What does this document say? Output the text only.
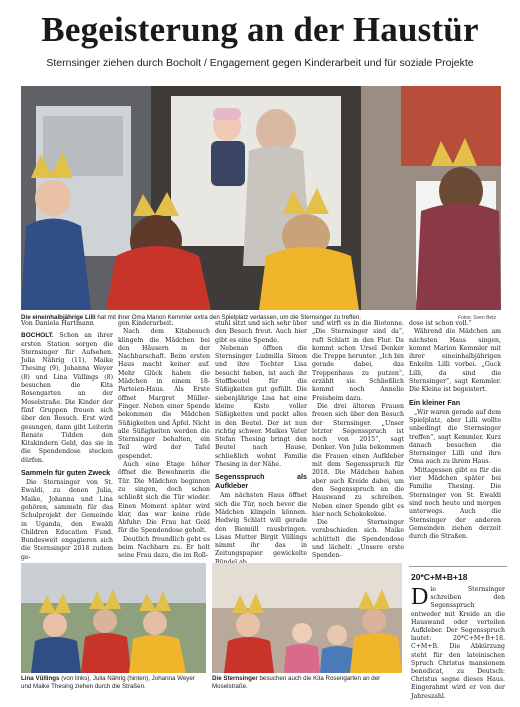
Begeisterung an der Haustür
Sternsinger ziehen durch Bocholt / Engagement gegen Kinderarbeit und für soziale Projekte
Die eineinhalbjährige Lilli hat mit ihrer Oma Marion Kemmler extra den Spielplatz verlassen, um die Sternsinger zu treffen.	Fotos: Sven Betz
Von Daniela Hartmann

BOCHOLT. Schon an ihrer ersten Station sorgen die Sternsinger für Aufsehen. Julia Nährig (11), Maike Thesing (9), Johanna Weyer (8) und Lina Vüllings (8) besuchen die Kita Rosengarten an der Moselstraße. Die Kinder der fünf Gruppen freuen sich über den Besuch. Erst wird gesungen, dann gibt Leiterin Renate Tidden den Kitakindern Geld, das sie in die Spendendose stecken dürfen.

Sammeln für guten Zweck

Die Sternsinger von St. Ewaldi, zu denen Julia, Maike, Johanna und Lina gehören, sammeln für das Schulprojekt der Gemeinde in Uganda, den Ewaldi Children Education Fund. Bundesweit engagieren sich die Sternsinger 2018 zudem ge-

gen Kinderarbeit.

Nach dem Kitabesuch klingeln die Mädchen bei den Häusern in der Nachbarschaft. Beim ersten Haus macht keiner auf. Mehr Glück haben die Mädchen in einem 18-Parteien-Haus. Als Erste öffnet Margret Müller-Finger. Neben einer Spende bekommen die Mädchen Süßigkeiten und Äpfel. Nicht alle Süßigkeiten werden die Sternsinger behalten, ein Teil wird der Tafel gespendet.

Auch eine Etage höher öffnet die Bewohnerin die Tür. Die Mädchen beginnen zu singen, doch schon schließt sich die Tür wieder. Einen Moment später wird klar, das war keine rüde Abfuhr: Die Frau hat Geld für die Spendendose geholt.

Deutlich freundlich geht es beim Nachbarn zu. Er holt seine Frau dazu, die im Roll-

stuhl sitzt und sich sehr über den Besuch freut. Auch hier gibt es eine Spende.

Nebenan öffnen die Sternsinger Ludmilla Simon und ihre Tochter Lisa besucht haben, ist auch ihr Stoffbeutel für die Süßigkeiten gut gefüllt. Die siebenjährige Lisa hat eine kleine Kiste voller Süßigkeiten und packt alles in den Beutel. Der ist nun richtig schwer. Maikes Vater Stefan Thesing bringt den Beutel nach Hause, schließlich wohnt Familie Thesing in der Nähe.

Segensspruch als Aufkleber

Am nächsten Haus öffnet sich die Tür, noch bevor die Mädchen klingeln können. Hedwig Schlatt will gerade den Biomüll rausbringen. Lisas Mutter Birgit Vüllings nimmt ihr das in Zeitungspapier gewickelte

und wirft es in die Biotonne. „Die Sternsinger sind da“, ruft Schlatt in den Flur. Da kommt schon Ursel Denker die Treppe herunter. „Ich bin gerade dabei, das Treppenhaus zu putzen“, erzählt sie. Schließlich kommt noch Annelie Freisheim dazu.

Die drei älteren Frauen freuen sich über den Besuch der Sternsinger. „Unser letzter Segensspruch ist noch von 2015“, sagt Denker. Von Julia bekommen die Frauen einen Aufkleber mit dem Segensspruch für 2018. Die Mädchen haben aber auch Kreide dabei, um den Segensspruch an die Hauswand zu schreiben. Neben einer Spende gibt es hier noch Schokokekse.

Die Sternsinger verabschieden sich. Maike schüttelt die Spendendose und lächelt: „Unsere erste Spenden-

dose ist schon voll.“

Während die Mädchen am nächsten Haus singen, kommt Marion Kemmler mit ihrer eineinhalbjährigen Enkelin Lilli vorbei. „Guck Lilli, da sind die Sternsinger“, sagt Kemmler. Die Kleine ist begeistert.

Ein kleiner Fan

„Wir waren gerade auf dem Spielplatz, aber Lilli wollte unbedingt die Sternsinger treffen“, sagt Kemmler. Kurz danach besuchen die Sternsinger Lilli und ihre Oma auch zu ihrem Haus.

Mittagessen gibt es für die vier Mädchen später bei Familie Thesing. Die Sternsinger von St. Ewaldi sind noch heute und morgen unterwegs. Auch die Sternsinger der anderen Gemeinden ziehen derzeit durch die Straßen.

Lina Vüllings (von links), Julia Nährig (hinten), Johanna Weyer und Maike Thesing ziehen durch die Straßen.
Die Sternsinger besuchen auch die Kita Rosengarten an der Moselstraße.
20*C+M+B+18
Die Sternsinger schreiben den Segensspruch entweder mit Kreide an die Hauswand oder verteilen Aufkleber. Der Segensspruch lautet: 20*C+M+B+18. C+M+B. Die Abkürzung steht für den lateinischen Spruch Christus mansionem benedicat, zu Deutsch: Christus segne dieses Haus. Eingerahmt wird er von der Jahreszahl.
